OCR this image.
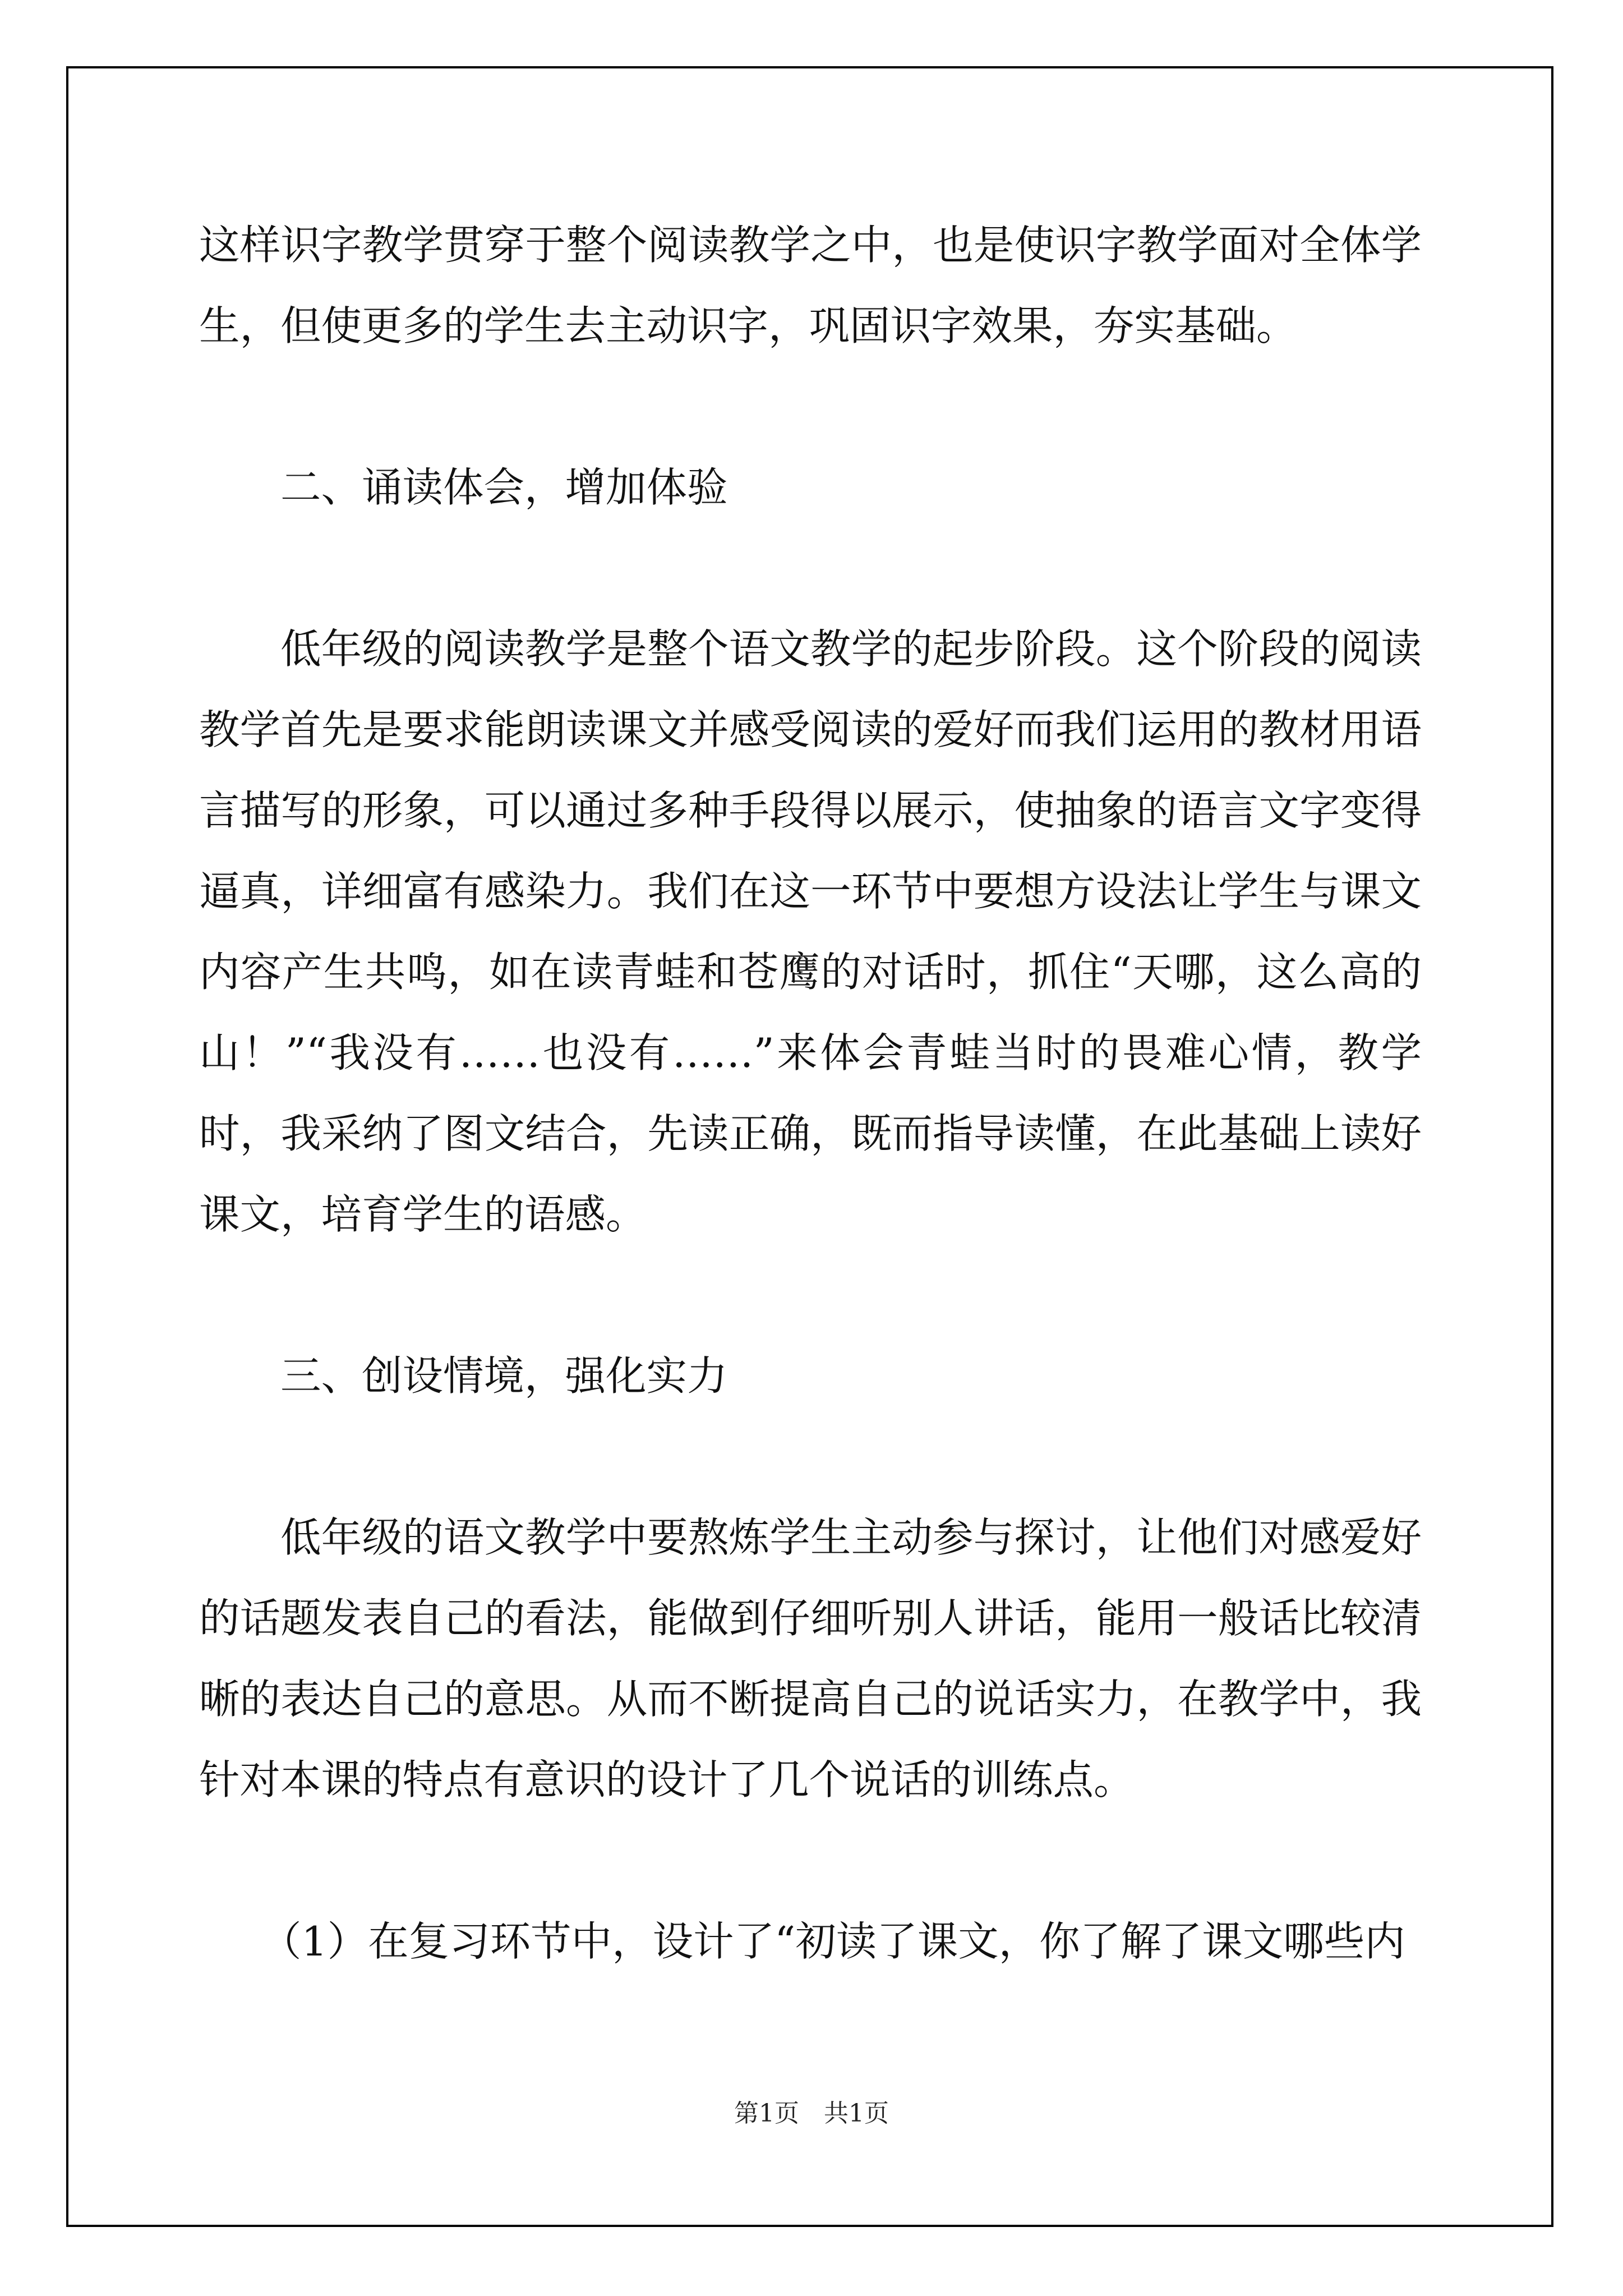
这样识字教学贯穿于整个阅读教学之中，也是使识字教学面对全体学生，但使更多的学生去主动识字，巩固识字效果，夯实基础。

二、诵读体会，增加体验

低年级的阅读教学是整个语文教学的起步阶段。这个阶段的阅读教学首先是要求能朗读课文并感受阅读的爱好而我们运用的教材用语言描写的形象，可以通过多种手段得以展示，使抽象的语言文字变得逼真，详细富有感染力。我们在这一环节中要想方设法让学生与课文内容产生共鸣，如在读青蛙和苍鹰的对话时，抓住“天哪，这么高的山！”“我没有……也没有……”来体会青蛙当时的畏难心情，教学时，我采纳了图文结合，先读正确，既而指导读懂，在此基础上读好课文，培育学生的语感。

三、创设情境，强化实力

低年级的语文教学中要熬炼学生主动参与探讨，让他们对感爱好的话题发表自己的看法，能做到仔细听别人讲话，能用一般话比较清晰的表达自己的意思。从而不断提高自己的说话实力，在教学中，我针对本课的特点有意识的设计了几个说话的训练点。

（1）在复习环节中，设计了“初读了课文，你了解了课文哪些内

第1页 共1页
